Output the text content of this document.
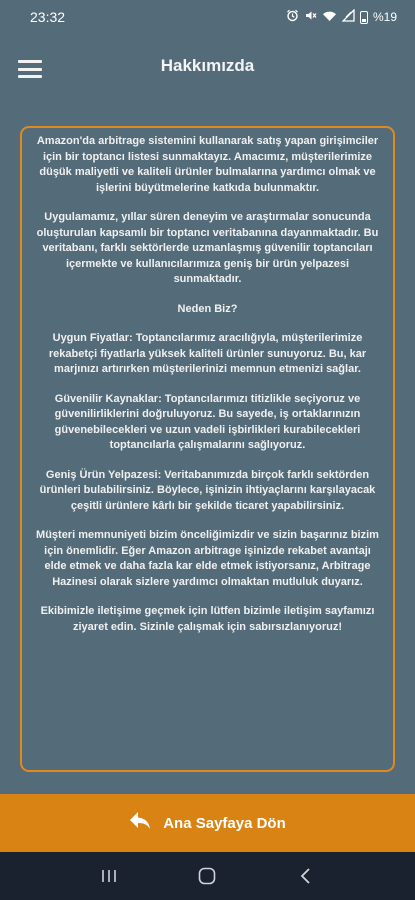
23:32	%19
Hakkımızda

Amazon'da arbitrage sistemini kullanarak satış yapan girişimciler için bir toptancı listesi sunmaktayız. Amacımız, müşterilerimize düşük maliyetli ve kaliteli ürünler bulmalarına yardımcı olmak ve işlerini büyütmelerine katkıda bulunmaktır.

Uygulamamız, yıllar süren deneyim ve araştırmalar sonucunda oluşturulan kapsamlı bir toptancı veritabanına dayanmaktadır. Bu veritabanı, farklı sektörlerde uzmanlaşmış güvenilir toptancıları içermekte ve kullanıcılarımıza geniş bir ürün yelpazesi sunmaktadır.

Neden Biz?

Uygun Fiyatlar: Toptancılarımız aracılığıyla, müşterilerimize rekabetçi fiyatlarla yüksek kaliteli ürünler sunuyoruz. Bu, kar marjınızı artırırken müşterilerinizi memnun etmenizi sağlar.

Güvenilir Kaynaklar: Toptancılarımızı titizlikle seçiyoruz ve güvenilirliklerini doğruluyoruz. Bu sayede, iş ortaklarınızın güvenebilecekleri ve uzun vadeli işbirlikleri kurabilecekleri toptancılarla çalışmalarını sağlıyoruz.

Geniş Ürün Yelpazesi: Veritabanımızda birçok farklı sektörden ürünleri bulabilirsiniz. Böylece, işinizin ihtiyaçlarını karşılayacak çeşitli ürünlere kârlı bir şekilde ticaret yapabilirsiniz.

Müşteri memnuniyeti bizim önceliğimizdir ve sizin başarınız bizim için önemlidir. Eğer Amazon arbitrage işinizde rekabet avantajı elde etmek ve daha fazla kar elde etmek istiyorsanız, Arbitrage Hazinesi olarak sizlere yardımcı olmaktan mutluluk duyarız.

Ekibimizle iletişime geçmek için lütfen bizimle iletişim sayfamızı ziyaret edin. Sizinle çalışmak için sabırsızlanıyoruz!

Ana Sayfaya Dön
